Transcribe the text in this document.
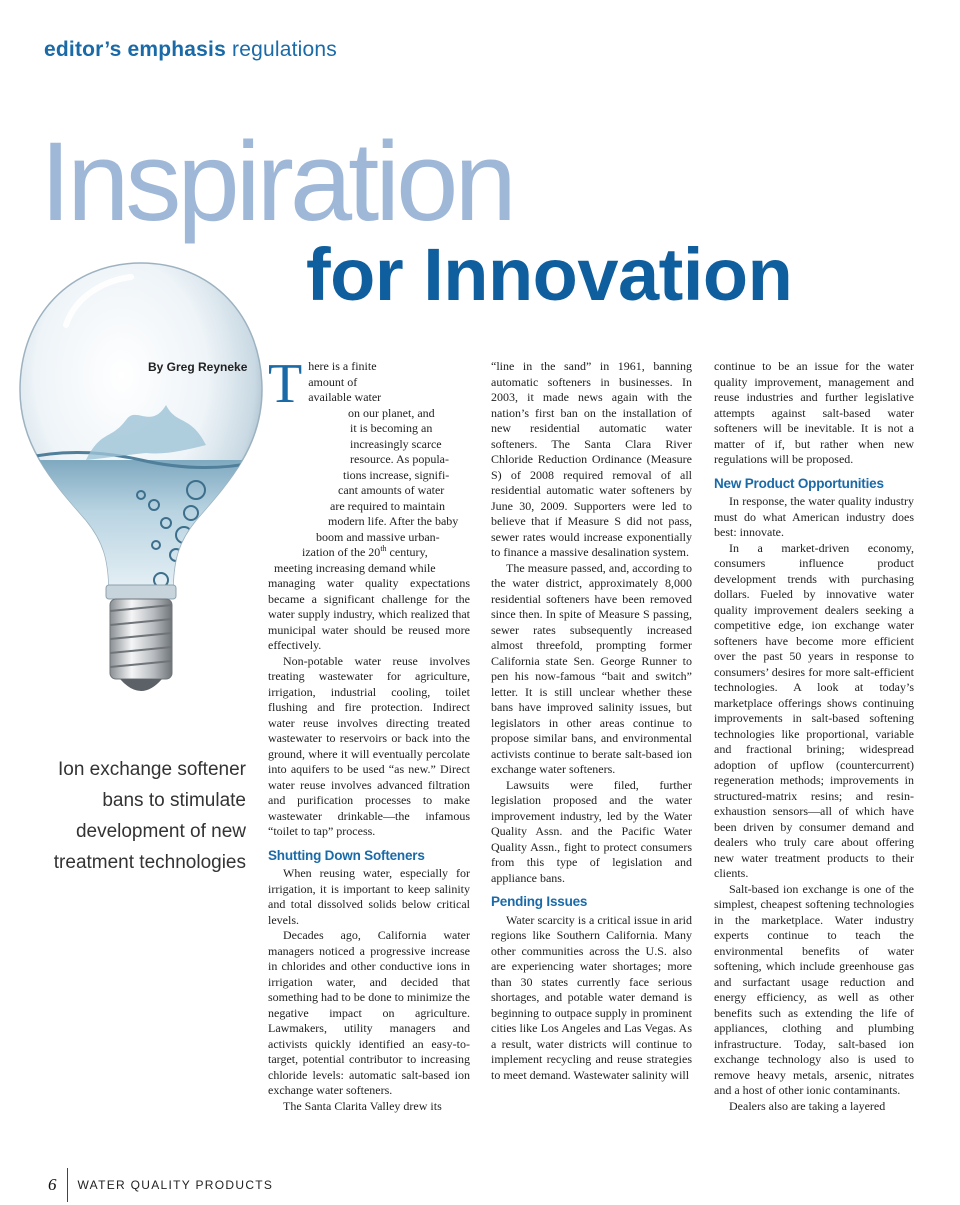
editor’s emphasis regulations
Inspiration
for Innovation
By Greg Reyneke
Ion exchange softener
bans to stimulate
development of new
treatment technologies
T here is a finite
amount of
available water
on our planet, and
it is becoming an
increasingly scarce
resource. As popula-
tions increase, signifi-
cant amounts of water
are required to maintain
modern life. After the baby
boom and massive urban-
ization of the 20th century,
meeting increasing demand while

managing water quality expectations became a significant challenge for the water supply industry, which realized that municipal water should be reused more effectively.

Non-potable water reuse involves treating wastewater for agriculture, irrigation, industrial cooling, toilet flushing and fire protection. Indirect water reuse involves directing treated wastewater to reservoirs or back into the ground, where it will eventually percolate into aquifers to be used “as new.” Direct water reuse involves advanced filtration and purification processes to make wastewater drinkable—the infamous “toilet to tap” process.

Shutting Down Softeners

When reusing water, especially for irrigation, it is important to keep salinity and total dissolved solids below critical levels.

Decades ago, California water managers noticed a progressive increase in chlorides and other conductive ions in irrigation water, and decided that something had to be done to minimize the negative impact on agriculture. Lawmakers, utility managers and activists quickly identified an easy-to-target, potential contributor to increasing chloride levels: automatic salt-based ion exchange water softeners.

The Santa Clarita Valley drew its

“line in the sand” in 1961, banning automatic softeners in businesses. In 2003, it made news again with the nation’s first ban on the installation of new residential automatic water softeners. The Santa Clara River Chloride Reduction Ordinance (Measure S) of 2008 required removal of all residential automatic water softeners by June 30, 2009. Supporters were led to believe that if Measure S did not pass, sewer rates would increase exponentially to finance a massive desalination system.

The measure passed, and, according to the water district, approximately 8,000 residential softeners have been removed since then. In spite of Measure S passing, sewer rates subsequently increased almost threefold, prompting former California state Sen. George Runner to pen his now-famous “bait and switch” letter. It is still unclear whether these bans have improved salinity issues, but legislators in other areas continue to propose similar bans, and environmental activists continue to berate salt-based ion exchange water softeners.

Lawsuits were filed, further legislation proposed and the water improvement industry, led by the Water Quality Assn. and the Pacific Water Quality Assn., fight to protect consumers from this type of legislation and appliance bans.

Pending Issues

Water scarcity is a critical issue in arid regions like Southern California. Many other communities across the U.S. also are experiencing water shortages; more than 30 states currently face serious shortages, and potable water demand is beginning to outpace supply in prominent cities like Los Angeles and Las Vegas. As a result, water districts will continue to implement recycling and reuse strategies to meet demand. Wastewater salinity will

continue to be an issue for the water quality improvement, management and reuse industries and further legislative attempts against salt-based water softeners will be inevitable. It is not a matter of if, but rather when new regulations will be proposed.

New Product Opportunities

In response, the water quality industry must do what American industry does best: innovate.

In a market-driven economy, consumers influence product development trends with purchasing dollars. Fueled by innovative water quality improvement dealers seeking a competitive edge, ion exchange water softeners have become more efficient over the past 50 years in response to consumers’ desires for more salt-efficient technologies. A look at today’s marketplace offerings shows continuing improvements in salt-based softening technologies like proportional, variable and fractional brining; widespread adoption of upflow (countercurrent) regeneration methods; improvements in structured-matrix resins; and resin-exhaustion sensors—all of which have been driven by consumer demand and dealers who truly care about offering new water treatment products to their clients.

Salt-based ion exchange is one of the simplest, cheapest softening technologies in the marketplace. Water industry experts continue to teach the environmental benefits of water softening, which include greenhouse gas and surfactant usage reduction and energy efficiency, as well as other benefits such as extending the life of appliances, clothing and plumbing infrastructure. Today, salt-based ion exchange technology also is used to remove heavy metals, arsenic, nitrates and a host of other ionic contaminants.

Dealers also are taking a layered

6	WATER QUALITY PRODUCTS
